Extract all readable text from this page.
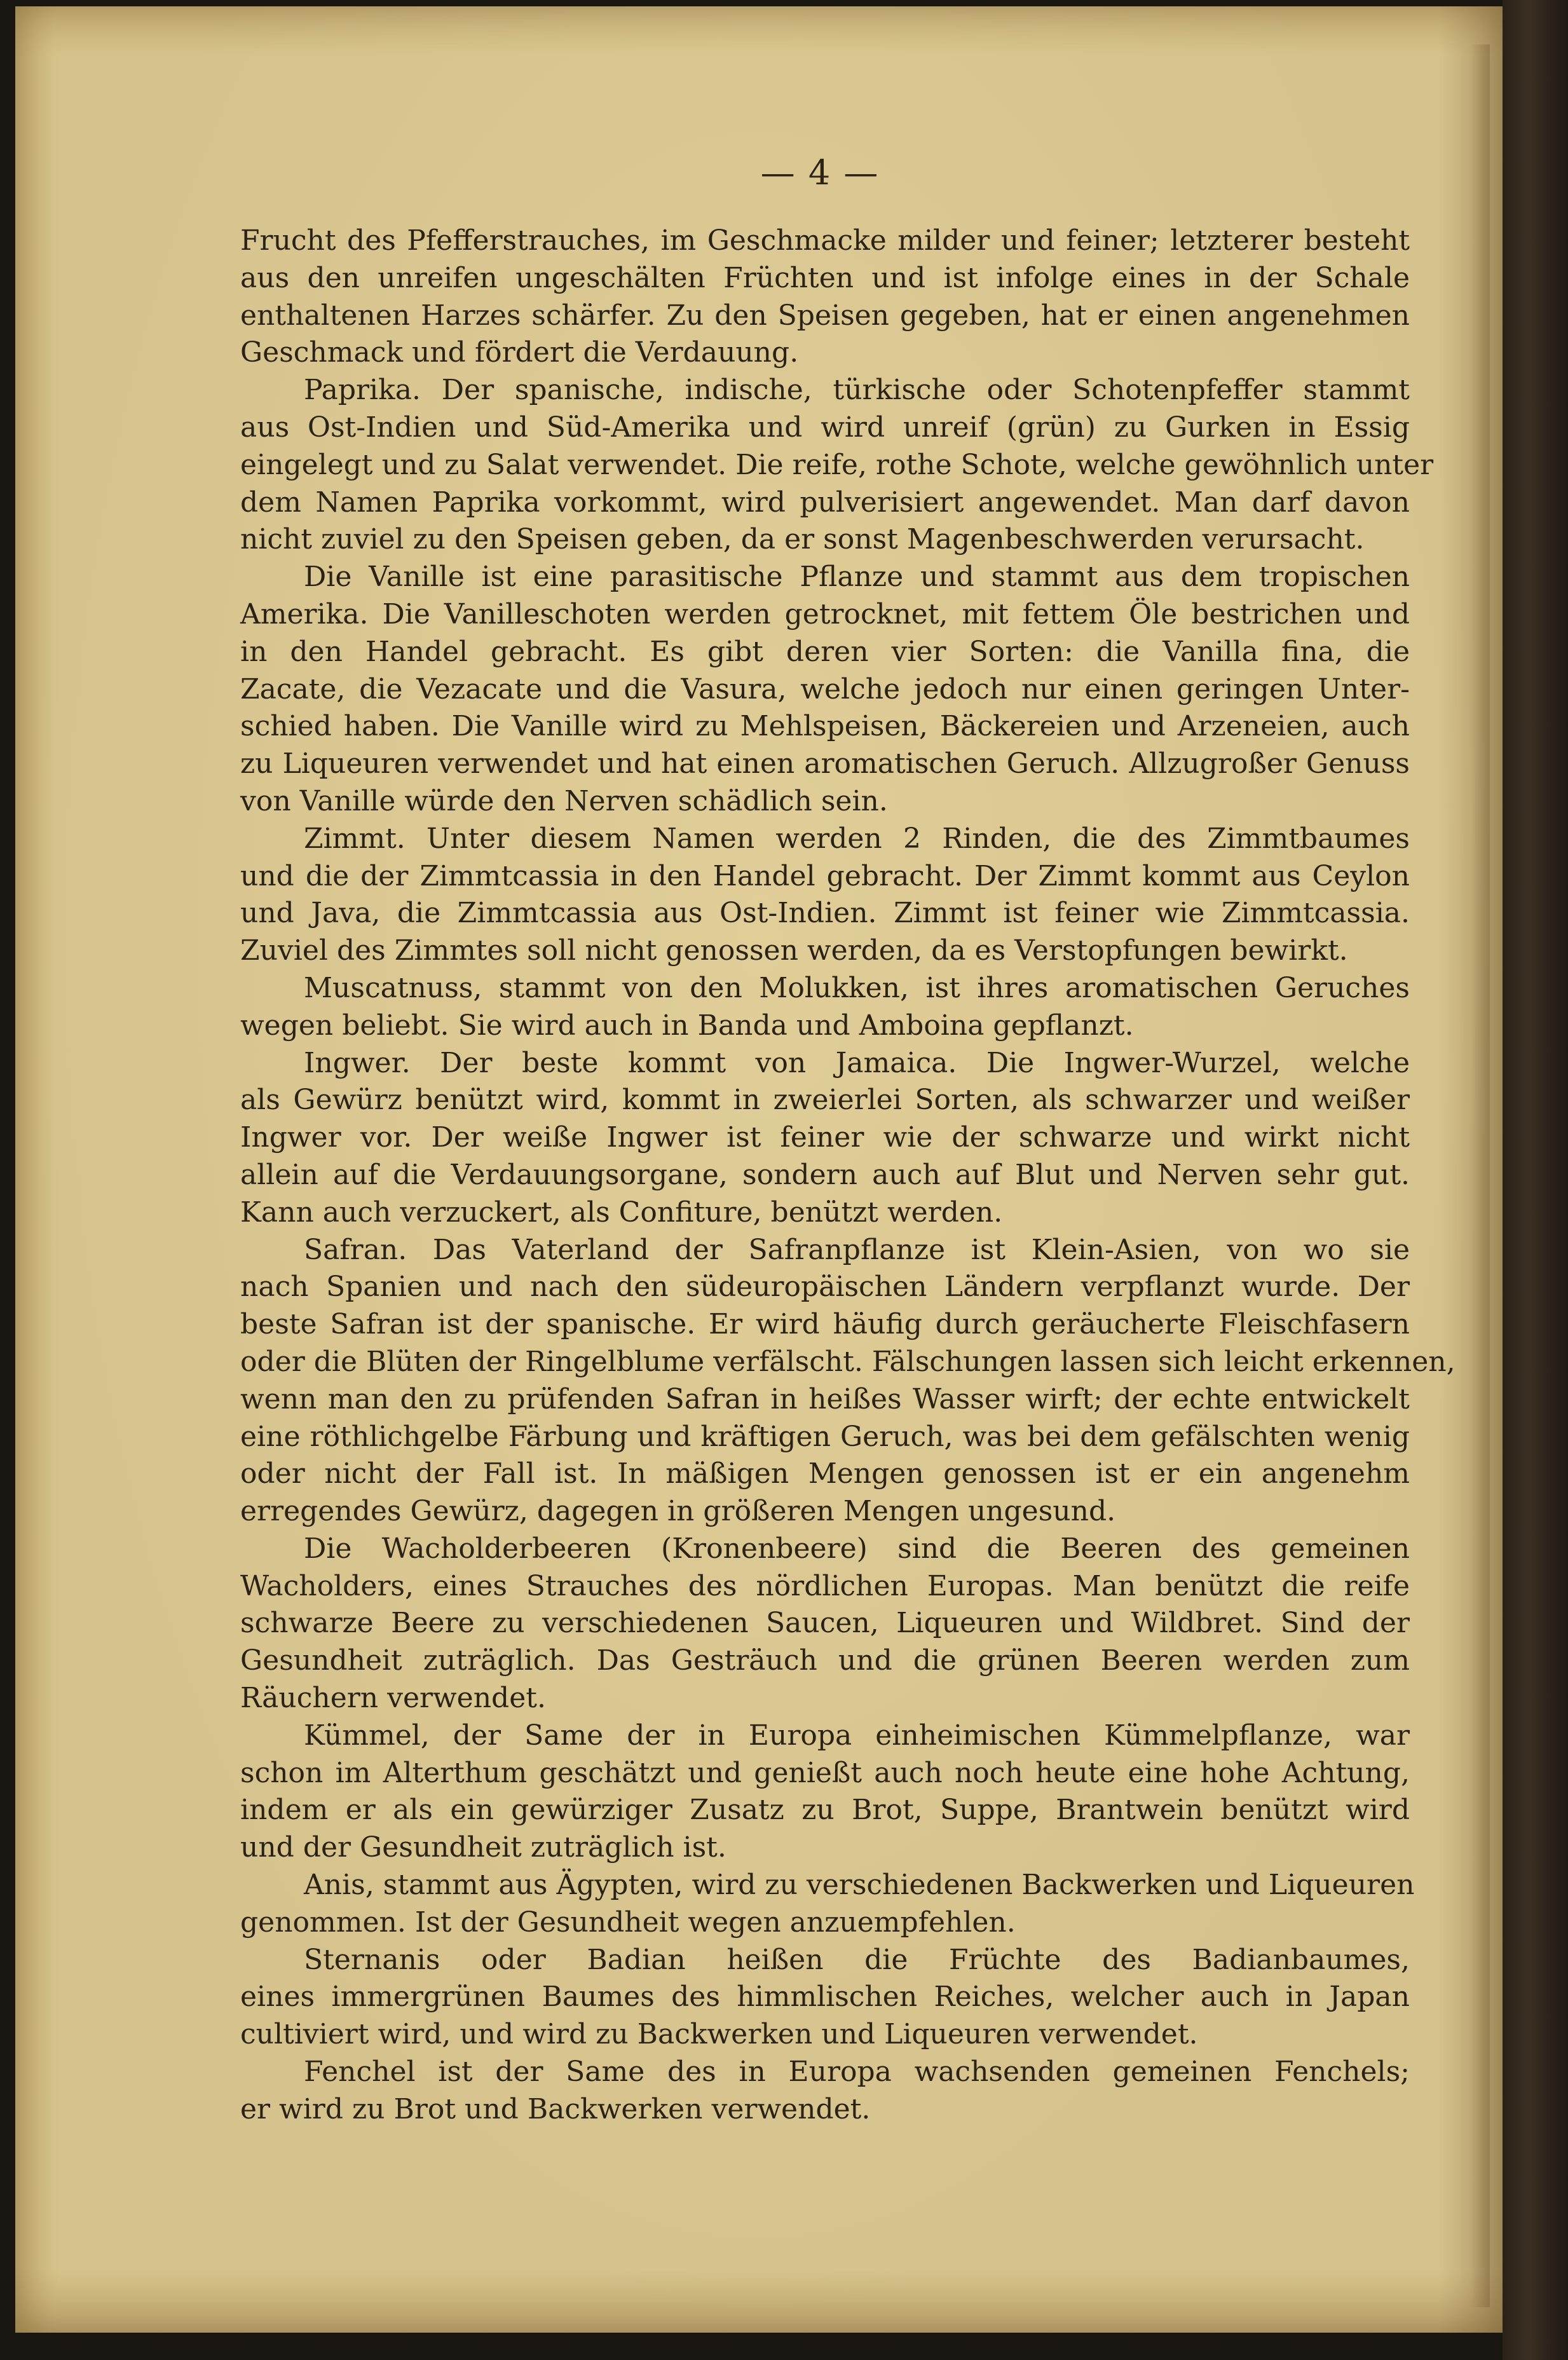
— 4 —
Frucht des Pfefferstrauches, im Geschmacke milder und feiner; letzterer besteht
aus den unreifen ungeschälten Früchten und ist infolge eines in der Schale
enthaltenen Harzes schärfer. Zu den Speisen gegeben, hat er einen angenehmen
Geschmack und fördert die Verdauung.
Paprika. Der spanische, indische, türkische oder Schotenpfeffer stammt
aus Ost-Indien und Süd-Amerika und wird unreif (grün) zu Gurken in Essig
eingelegt und zu Salat verwendet. Die reife, rothe Schote, welche gewöhnlich unter
dem Namen Paprika vorkommt, wird pulverisiert angewendet. Man darf davon
nicht zuviel zu den Speisen geben, da er sonst Magenbeschwerden verursacht.
Die Vanille ist eine parasitische Pflanze und stammt aus dem tropischen
Amerika. Die Vanilleschoten werden getrocknet, mit fettem Öle bestrichen und
in den Handel gebracht. Es gibt deren vier Sorten: die Vanilla fina, die
Zacate, die Vezacate und die Vasura, welche jedoch nur einen geringen Unter-
schied haben. Die Vanille wird zu Mehlspeisen, Bäckereien und Arzeneien, auch
zu Liqueuren verwendet und hat einen aromatischen Geruch. Allzugroßer Genuss
von Vanille würde den Nerven schädlich sein.
Zimmt. Unter diesem Namen werden 2 Rinden, die des Zimmtbaumes
und die der Zimmtcassia in den Handel gebracht. Der Zimmt kommt aus Ceylon
und Java, die Zimmtcassia aus Ost-Indien. Zimmt ist feiner wie Zimmtcassia.
Zuviel des Zimmtes soll nicht genossen werden, da es Verstopfungen bewirkt.
Muscatnuss, stammt von den Molukken, ist ihres aromatischen Geruches
wegen beliebt. Sie wird auch in Banda und Amboina gepflanzt.
Ingwer. Der beste kommt von Jamaica. Die Ingwer-Wurzel, welche
als Gewürz benützt wird, kommt in zweierlei Sorten, als schwarzer und weißer
Ingwer vor. Der weiße Ingwer ist feiner wie der schwarze und wirkt nicht
allein auf die Verdauungsorgane, sondern auch auf Blut und Nerven sehr gut.
Kann auch verzuckert, als Confiture, benützt werden.
Safran. Das Vaterland der Safranpflanze ist Klein-Asien, von wo sie
nach Spanien und nach den südeuropäischen Ländern verpflanzt wurde. Der
beste Safran ist der spanische. Er wird häufig durch geräucherte Fleischfasern
oder die Blüten der Ringelblume verfälscht. Fälschungen lassen sich leicht erkennen,
wenn man den zu prüfenden Safran in heißes Wasser wirft; der echte entwickelt
eine röthlichgelbe Färbung und kräftigen Geruch, was bei dem gefälschten wenig
oder nicht der Fall ist. In mäßigen Mengen genossen ist er ein angenehm
erregendes Gewürz, dagegen in größeren Mengen ungesund.
Die Wacholderbeeren (Kronenbeere) sind die Beeren des gemeinen
Wacholders, eines Strauches des nördlichen Europas. Man benützt die reife
schwarze Beere zu verschiedenen Saucen, Liqueuren und Wildbret. Sind der
Gesundheit zuträglich. Das Gesträuch und die grünen Beeren werden zum
Räuchern verwendet.
Kümmel, der Same der in Europa einheimischen Kümmelpflanze, war
schon im Alterthum geschätzt und genießt auch noch heute eine hohe Achtung,
indem er als ein gewürziger Zusatz zu Brot, Suppe, Brantwein benützt wird
und der Gesundheit zuträglich ist.
Anis, stammt aus Ägypten, wird zu verschiedenen Backwerken und Liqueuren
genommen. Ist der Gesundheit wegen anzuempfehlen.
Sternanis oder Badian heißen die Früchte des Badianbaumes,
eines immergrünen Baumes des himmlischen Reiches, welcher auch in Japan
cultiviert wird, und wird zu Backwerken und Liqueuren verwendet.
Fenchel ist der Same des in Europa wachsenden gemeinen Fenchels;
er wird zu Brot und Backwerken verwendet.
